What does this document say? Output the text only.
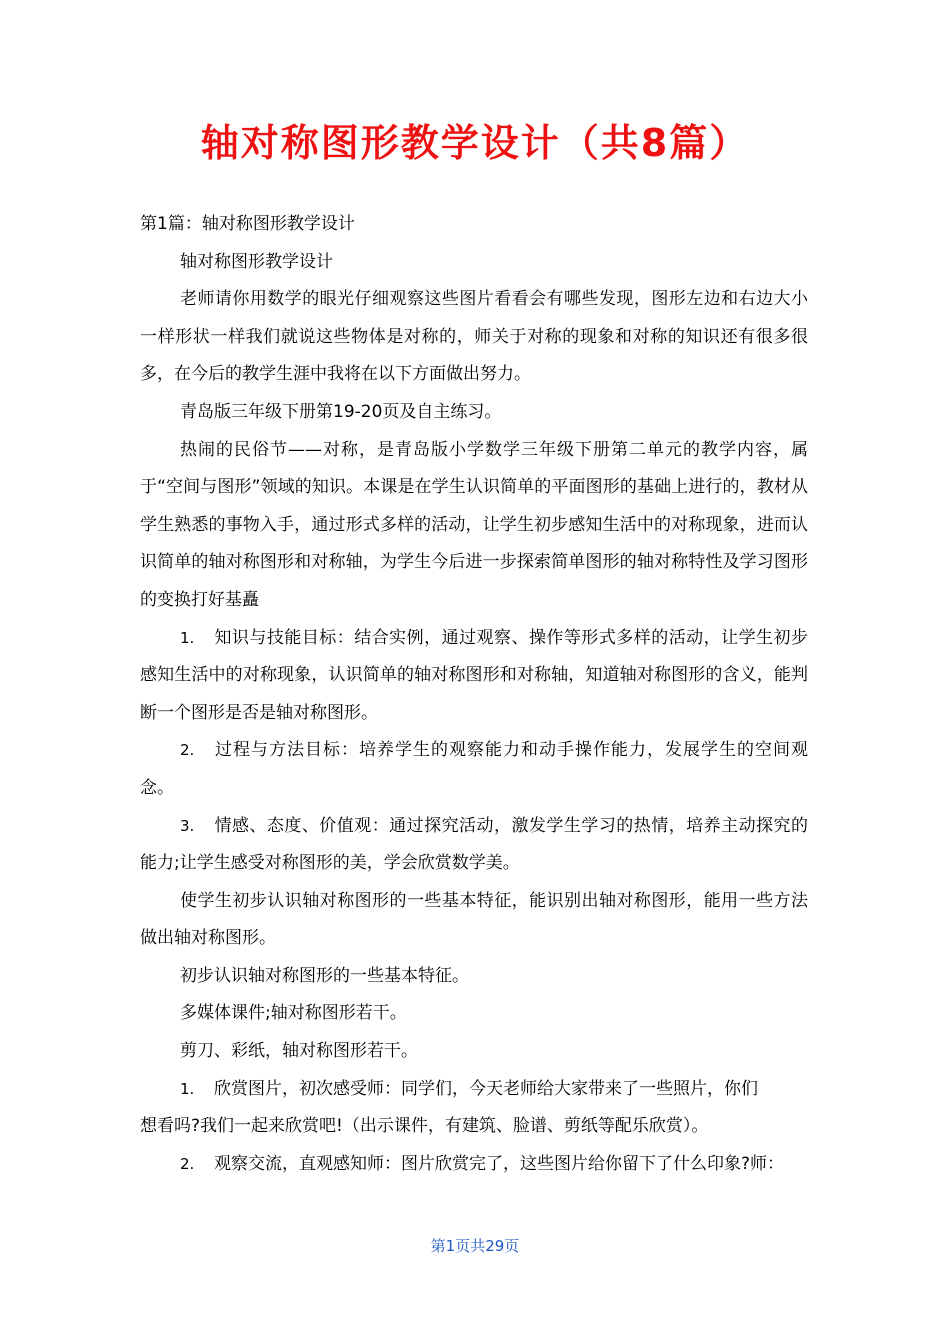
轴对称图形教学设计（共8篇）

第1篇：轴对称图形教学设计

轴对称图形教学设计

老师请你用数学的眼光仔细观察这些图片看看会有哪些发现，图形左边和右边大小一样形状一样我们就说这些物体是对称的，师关于对称的现象和对称的知识还有很多很多，在今后的教学生涯中我将在以下方面做出努力。

青岛版三年级下册第19-20页及自主练习。

热闹的民俗节——对称，是青岛版小学数学三年级下册第二单元的教学内容，属于“空间与图形”领域的知识。本课是在学生认识简单的平面图形的基础上进行的，教材从学生熟悉的事物入手，通过形式多样的活动，让学生初步感知生活中的对称现象，进而认识简单的轴对称图形和对称轴，为学生今后进一步探索简单图形的轴对称特性及学习图形的变换打好基矗

1. 知识与技能目标：结合实例，通过观察、操作等形式多样的活动，让学生初步感知生活中的对称现象，认识简单的轴对称图形和对称轴，知道轴对称图形的含义，能判断一个图形是否是轴对称图形。

2. 过程与方法目标：培养学生的观察能力和动手操作能力，发展学生的空间观念。

3. 情感、态度、价值观：通过探究活动，激发学生学习的热情，培养主动探究的能力;让学生感受对称图形的美，学会欣赏数学美。

使学生初步认识轴对称图形的一些基本特征，能识别出轴对称图形，能用一些方法做出轴对称图形。

初步认识轴对称图形的一些基本特征。

多媒体课件;轴对称图形若干。

剪刀、彩纸，轴对称图形若干。

1. 欣赏图片，初次感受师：同学们，今天老师给大家带来了一些照片，你们
想看吗?我们一起来欣赏吧!（出示课件，有建筑、脸谱、剪纸等配乐欣赏）。

2. 观察交流，直观感知师：图片欣赏完了，这些图片给你留下了什么印象?师：

第1页共29页
